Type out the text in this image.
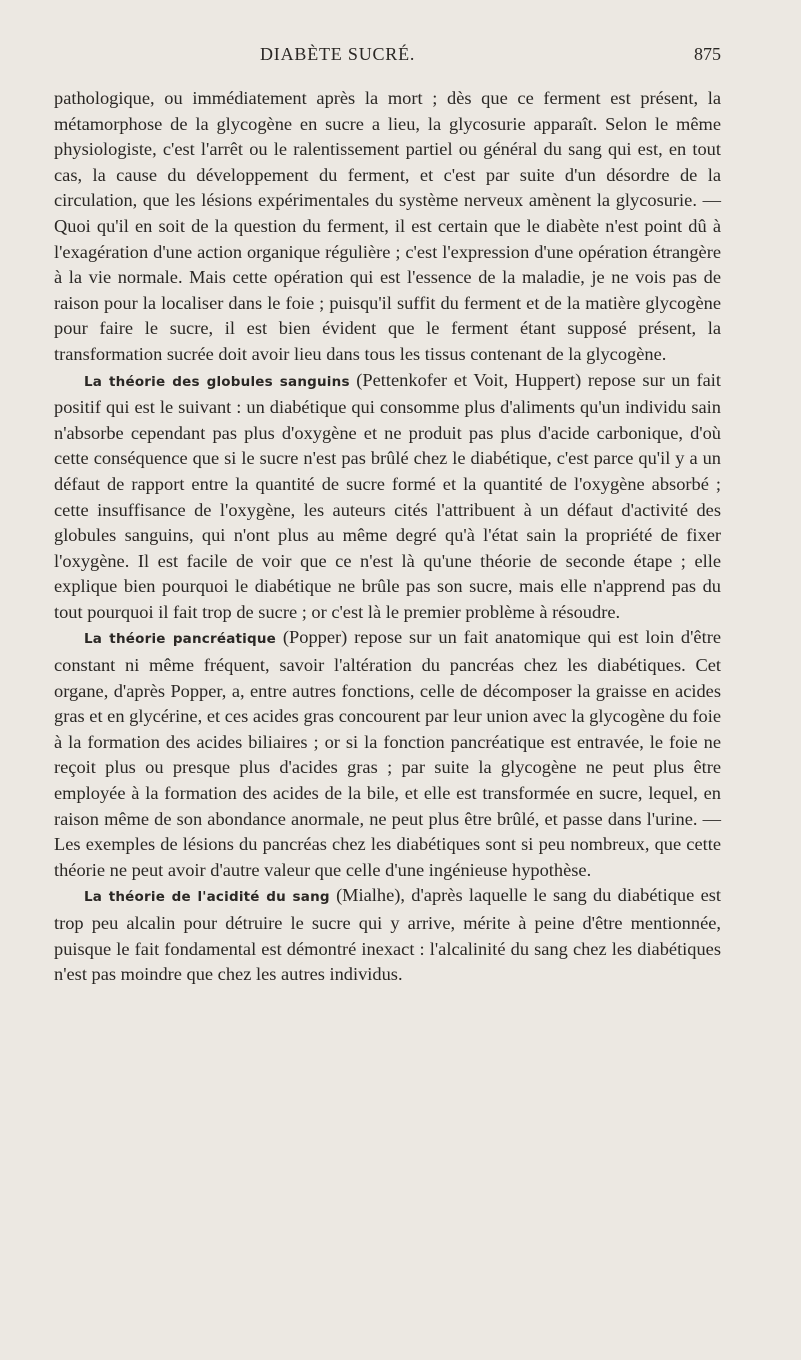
DIABÈTE SUCRÉ.	875

pathologique, ou immédiatement après la mort ; dès que ce ferment est présent, la métamorphose de la glycogène en sucre a lieu, la glycosurie apparaît. Selon le même physiologiste, c'est l'arrêt ou le ralentissement partiel ou général du sang qui est, en tout cas, la cause du développement du ferment, et c'est par suite d'un désordre de la circulation, que les lésions expérimentales du système nerveux amènent la glycosurie. — Quoi qu'il en soit de la question du ferment, il est certain que le diabète n'est point dû à l'exagération d'une action organique régulière ; c'est l'expression d'une opération étrangère à la vie normale. Mais cette opération qui est l'essence de la maladie, je ne vois pas de raison pour la localiser dans le foie ; puisqu'il suffit du ferment et de la matière glycogène pour faire le sucre, il est bien évident que le ferment étant supposé présent, la transformation sucrée doit avoir lieu dans tous les tissus contenant de la glycogène.

La théorie des globules sanguins (Pettenkofer et Voit, Huppert) repose sur un fait positif qui est le suivant : un diabétique qui consomme plus d'aliments qu'un individu sain n'absorbe cependant pas plus d'oxygène et ne produit pas plus d'acide carbonique, d'où cette conséquence que si le sucre n'est pas brûlé chez le diabétique, c'est parce qu'il y a un défaut de rapport entre la quantité de sucre formé et la quantité de l'oxygène absorbé ; cette insuffisance de l'oxygène, les auteurs cités l'attribuent à un défaut d'activité des globules sanguins, qui n'ont plus au même degré qu'à l'état sain la propriété de fixer l'oxygène. Il est facile de voir que ce n'est là qu'une théorie de seconde étape ; elle explique bien pourquoi le diabétique ne brûle pas son sucre, mais elle n'apprend pas du tout pourquoi il fait trop de sucre ; or c'est là le premier problème à résoudre.

La théorie pancréatique (Popper) repose sur un fait anatomique qui est loin d'être constant ni même fréquent, savoir l'altération du pancréas chez les diabétiques. Cet organe, d'après Popper, a, entre autres fonctions, celle de décomposer la graisse en acides gras et en glycérine, et ces acides gras concourent par leur union avec la glycogène du foie à la formation des acides biliaires ; or si la fonction pancréatique est entravée, le foie ne reçoit plus ou presque plus d'acides gras ; par suite la glycogène ne peut plus être employée à la formation des acides de la bile, et elle est transformée en sucre, lequel, en raison même de son abondance anormale, ne peut plus être brûlé, et passe dans l'urine. — Les exemples de lésions du pancréas chez les diabétiques sont si peu nombreux, que cette théorie ne peut avoir d'autre valeur que celle d'une ingénieuse hypothèse.

La théorie de l'acidité du sang (Mialhe), d'après laquelle le sang du diabétique est trop peu alcalin pour détruire le sucre qui y arrive, mérite à peine d'être mentionnée, puisque le fait fondamental est démontré inexact : l'alcalinité du sang chez les diabétiques n'est pas moindre que chez les autres individus.
